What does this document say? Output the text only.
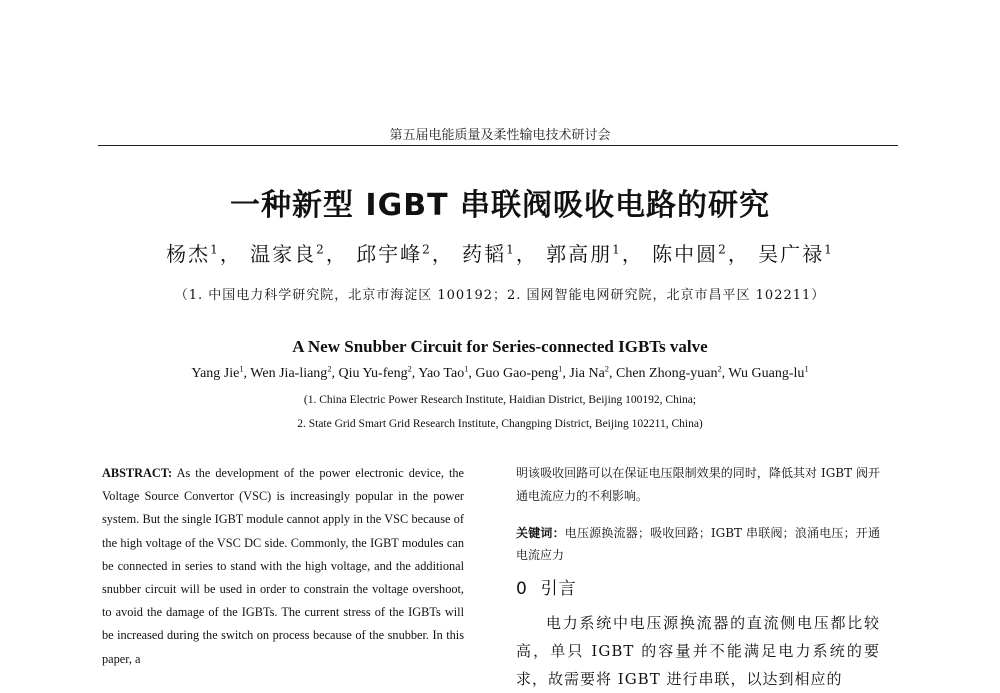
第五届电能质量及柔性输电技术研讨会
一种新型 IGBT 串联阀吸收电路的研究
杨杰$^1$， 温家良$^2$， 邱宇峰$^2$， 药韬$^1$， 郭高朋$^1$， 陈中圆$^2$， 吴广禄$^1$
（1. 中国电力科学研究院，北京市海淀区 100192；2. 国网智能电网研究院，北京市昌平区 102211）
A New Snubber Circuit for Series-connected IGBTs valve
Yang Jie$^1$, Wen Jia-liang$^2$, Qiu Yu-feng$^2$, Yao Tao$^1$, Guo Gao-peng$^1$, Jia Na$^2$, Chen Zhong-yuan$^2$, Wu Guang-$lu^1$
(1. China Electric Power Research Institute, Haidian District, Beijing 100192, China;
2. State Grid Smart Grid Research Institute, Changping District, Beijing 102211, China)
ABSTRACT: As the development of the power electronic device, the Voltage Source Convertor (VSC) is increasingly popular in the power system. But the single IGBT module cannot apply in the VSC because of the high voltage of the VSC DC side. Commonly, the IGBT modules can be connected in series to stand with the high voltage, and the additional snubber circuit will be used in order to constrain the voltage overshoot, to avoid the damage of the IGBTs. The current stress of the IGBTs will be increased during the switch on process because of the snubber. In this paper, a
明该吸收回路可以在保证电压限制效果的同时，降低其对 IGBT 阀开通电流应力的不利影响。
关键词：电压源换流器；吸收回路；IGBT 串联阀；浪涌电压；开通电流应力
0 引言
电力系统中电压源换流器的直流侧电压都比较高，单只 IGBT 的容量并不能满足电力系统的要求，故需要将 IGBT 进行串联，以达到相应的
